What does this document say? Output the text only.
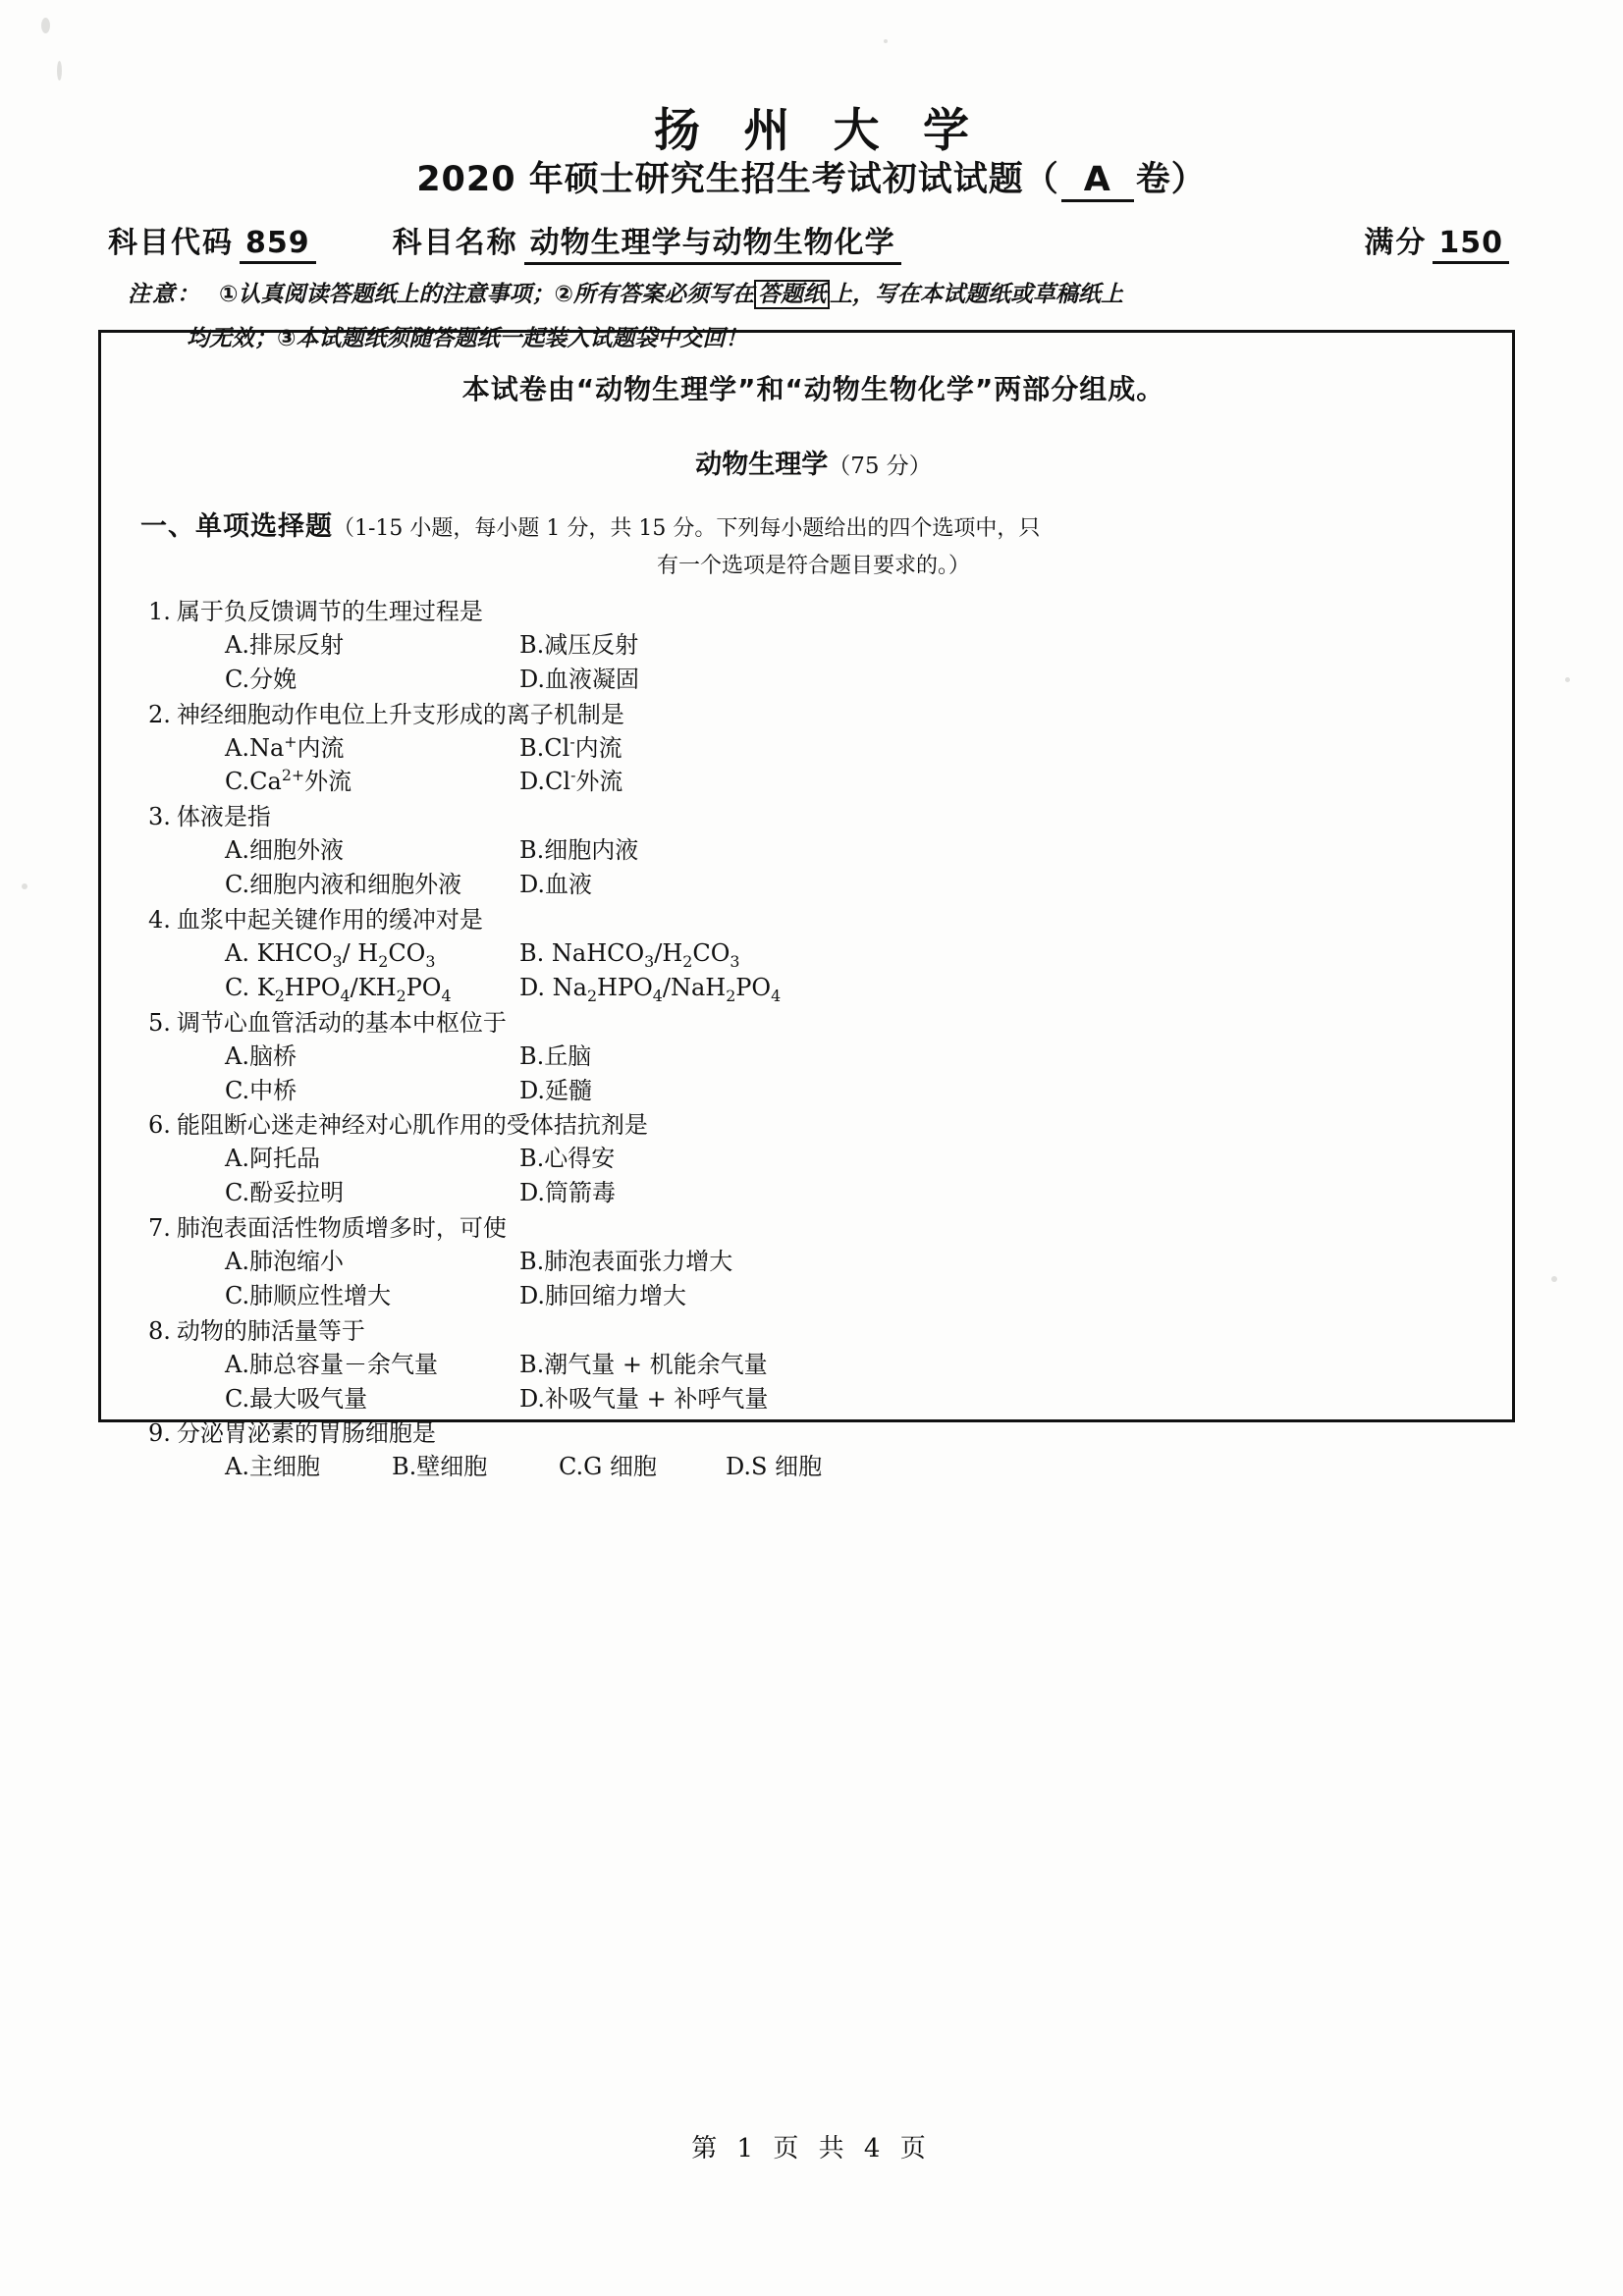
扬 州 大 学
2020 年硕士研究生招生考试初试试题（ A 卷）
科目代码 859	科目名称 动物生理学与动物生物化学	满分 150
注意： ①认真阅读答题纸上的注意事项；②所有答案必须写在 答题纸 上，写在本试题纸或草稿纸上
均无效；③本试题纸须随答题纸一起装入试题袋中交回！
本试卷由“动物生理学”和“动物生物化学”两部分组成。
动物生理学（75 分）
一、单项选择题（1-15 小题，每小题 1 分，共 15 分。下列每小题给出的四个选项中，只
有一个选项是符合题目要求的。）
1. 属于负反馈调节的生理过程是
A.排尿反射	B.减压反射
C.分娩	D.血液凝固
2. 神经细胞动作电位上升支形成的离子机制是
A.Na+内流	B.Cl-内流
$C.Ca^{2+}$外流	D.Cl-外流
3. 体液是指
A.细胞外液	B.细胞内液
C.细胞内液和细胞外液	D.血液
4. 血浆中起关键作用的缓冲对是
A. $KHCO_3/$ $H_2CO_3$	B. $NaHCO_3/H_2CO_3$
C. $K_2HPO_4/KH_2PO_4$	D. $Na_2HPO_4/NaH_2PO_4$
5. 调节心血管活动的基本中枢位于
A.脑桥	B.丘脑
C.中桥	D.延髓
6. 能阻断心迷走神经对心肌作用的受体拮抗剂是
A.阿托品	B.心得安
C.酚妥拉明	D.筒箭毒
7. 肺泡表面活性物质增多时，可使
A.肺泡缩小	B.肺泡表面张力增大
C.肺顺应性增大	D.肺回缩力增大
8. 动物的肺活量等于
A.肺总容量－余气量	B.潮气量 + 机能余气量
C.最大吸气量	D.补吸气量 + 补呼气量
9. 分泌胃泌素的胃肠细胞是
A.主细胞	B.壁细胞	C.G 细胞	D.S 细胞
第 1 页 共 4 页
